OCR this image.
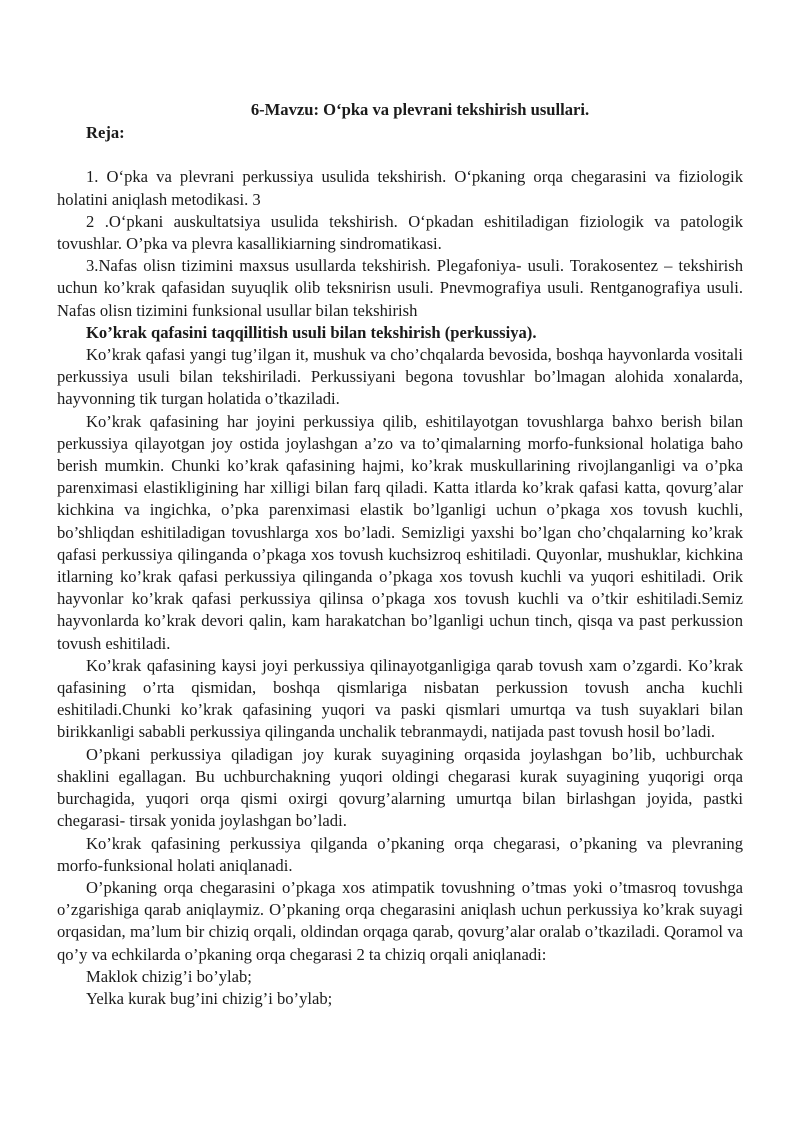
6-Mavzu: O‘pka va plevrani tekshirish usullari.
Reja:

1. O‘pka va plevrani perkussiya usulida tekshirish. O‘pkaning orqa chegarasini va fiziologik holatini aniqlash metodikasi. 3

2 .O‘pkani auskultatsiya usulida tekshirish. O‘pkadan eshitiladigan fiziologik va patologik tovushlar. O’pka va plevra kasallikiarning sindromatikasi.

3.Nafas olisn tizimini maxsus usullarda tekshirish. Plegafoniya- usuli. Torakosentez – tekshirish uchun ko’krak qafasidan suyuqlik olib teksnirisn usuli. Pnevmografiya usuli. Rentganografiya usuli. Nafas olisn tizimini funksional usullar bilan tekshirish

Ko’krak qafasini taqqillitish usuli bilan tekshirish (perkussiya).

Ko’krak qafasi yangi tug’ilgan it, mushuk va cho’chqalarda bevosida, boshqa hayvonlarda vositali perkussiya usuli bilan tekshiriladi. Perkussiyani begona tovushlar bo’lmagan alohida xonalarda, hayvonning tik turgan holatida o’tkaziladi.

Ko’krak qafasining har joyini perkussiya qilib, eshitilayotgan tovushlarga bahxo berish bilan perkussiya qilayotgan joy ostida joylashgan a’zo va to’qimalarning morfo-funksional holatiga baho berish mumkin. Chunki ko’krak qafasining hajmi, ko’krak muskullarining rivojlanganligi va o’pka parenximasi elastikligining har xilligi bilan farq qiladi. Katta itlarda ko’krak qafasi katta, qovurg’alar kichkina va ingichka, o’pka parenximasi elastik bo’lganligi uchun o’pkaga xos tovush kuchli, bo’shliqdan eshitiladigan tovushlarga xos bo’ladi. Semizligi yaxshi bo’lgan cho’chqalarning ko’krak qafasi perkussiya qilinganda o’pkaga xos tovush kuchsizroq eshitiladi. Quyonlar, mushuklar, kichkina itlarning ko’krak qafasi perkussiya qilinganda o’pkaga xos tovush kuchli va yuqori eshitiladi. Orik hayvonlar ko’krak qafasi perkussiya qilinsa o’pkaga xos tovush kuchli va o’tkir eshitiladi.Semiz hayvonlarda ko’krak devori qalin, kam harakatchan bo’lganligi uchun tinch, qisqa va past perkussion tovush eshitiladi.

Ko’krak qafasining kaysi joyi perkussiya qilinayotganligiga qarab tovush xam o’zgardi. Ko’krak qafasining o’rta qismidan, boshqa qismlariga nisbatan perkussion tovush ancha kuchli eshitiladi.Chunki ko’krak qafasining yuqori va paski qismlari umurtqa va tush suyaklari bilan birikkanligi sababli perkussiya qilinganda unchalik tebranmaydi, natijada past tovush hosil bo’ladi.

O’pkani perkussiya qiladigan joy kurak suyagining orqasida joylashgan bo’lib, uchburchak shaklini egallagan. Bu uchburchakning yuqori oldingi chegarasi kurak suyagining yuqorigi orqa burchagida, yuqori orqa qismi oxirgi qovurg’alarning umurtqa bilan birlashgan joyida, pastki chegarasi- tirsak yonida joylashgan bo’ladi.

Ko’krak qafasining perkussiya qilganda o’pkaning orqa chegarasi, o’pkaning va plevraning morfo-funksional holati aniqlanadi.

O’pkaning orqa chegarasini o’pkaga xos atimpatik tovushning o’tmas yoki o’tmasroq tovushga o’zgarishiga qarab aniqlaymiz. O’pkaning orqa chegarasini aniqlash uchun perkussiya ko’krak suyagi orqasidan, ma’lum bir chiziq orqali, oldindan orqaga qarab, qovurg’alar oralab o’tkaziladi. Qoramol va qo’y va echkilarda o’pkaning orqa chegarasi 2 ta chiziq orqali aniqlanadi:

Maklok chizig’i bo’ylab;

Yelka kurak bug’ini chizig’i bo’ylab;
